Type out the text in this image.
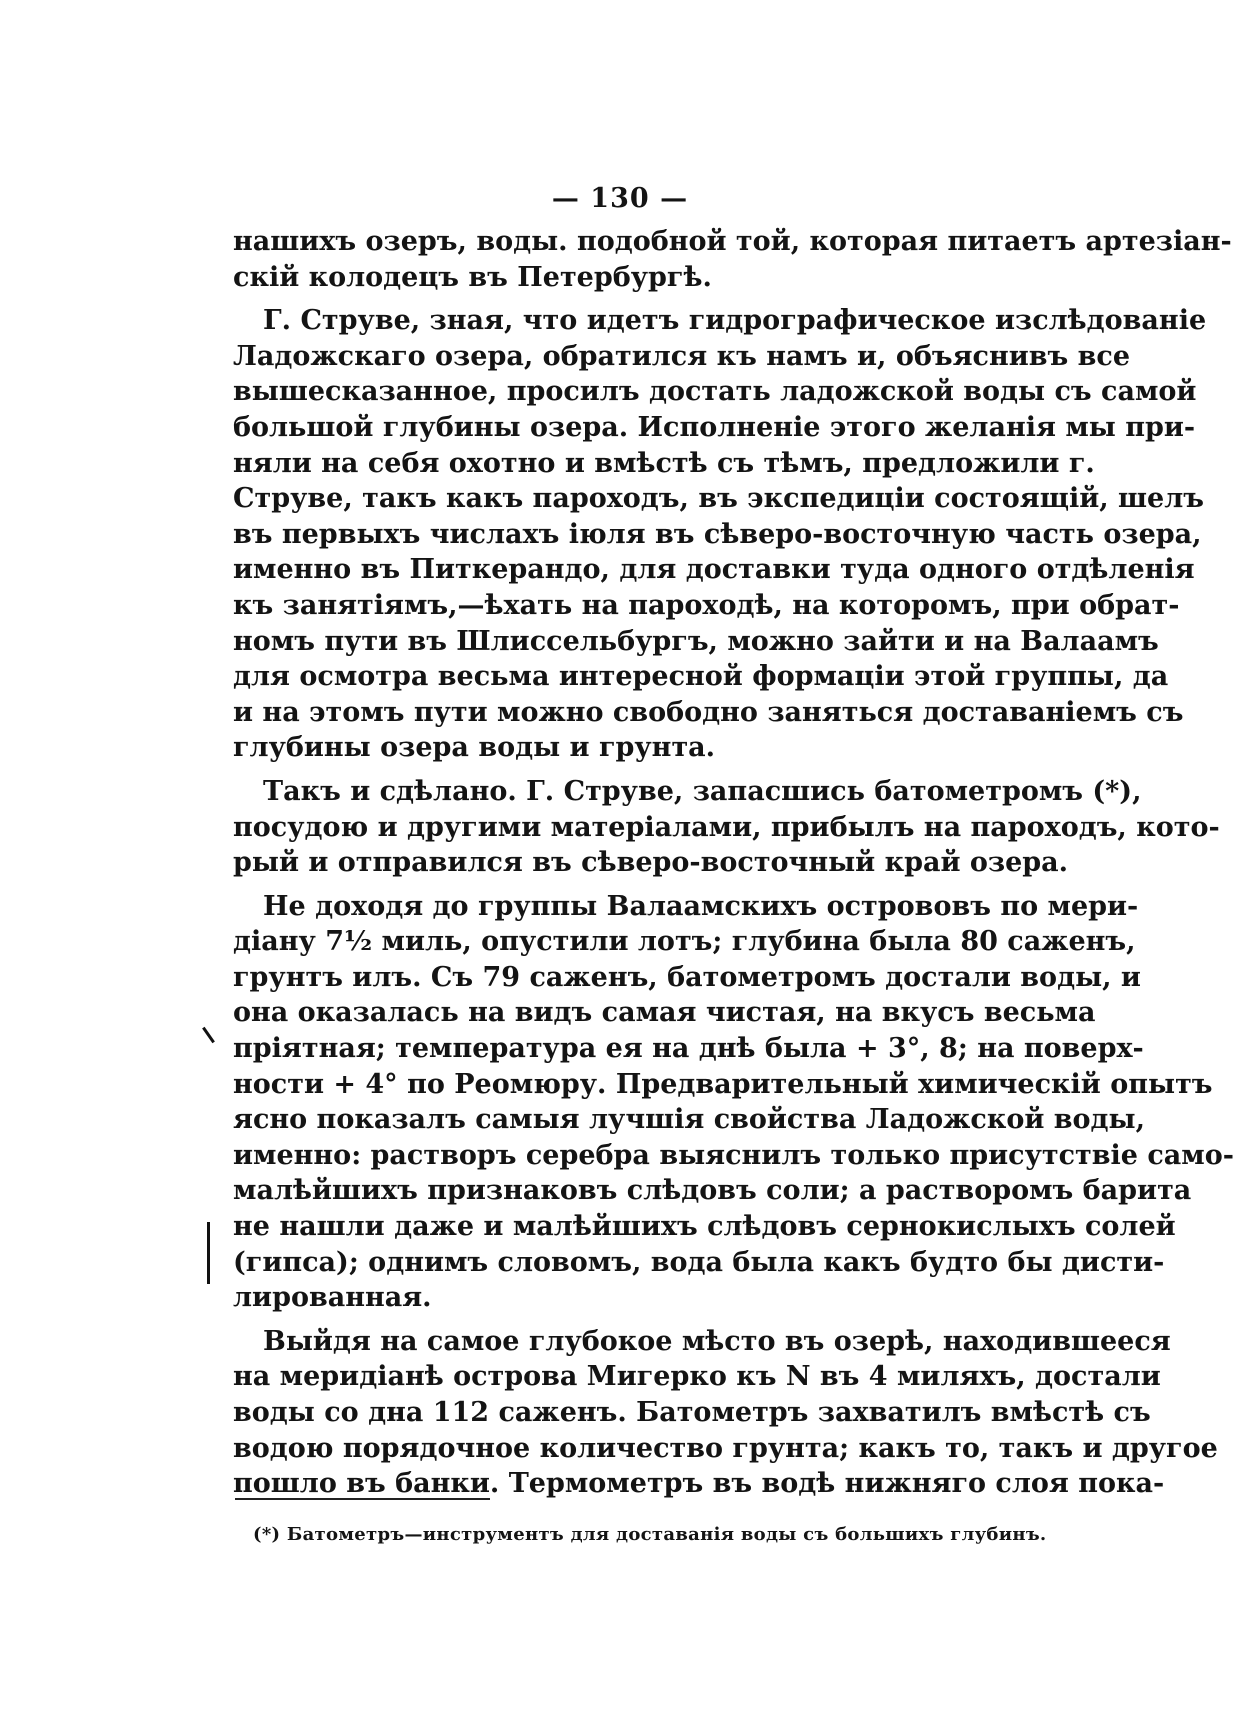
— 130 —
нашихъ озеръ, воды. подобной той, которая питаетъ артезіан-
скій колодецъ въ Петербургѣ.
Г. Струве, зная, что идетъ гидрографическое изслѣдованіе
Ладожскаго озера, обратился къ намъ и, объяснивъ все
вышесказанное, просилъ достать ладожской воды съ самой
большой глубины озера. Исполненіе этого желанія мы при-
няли на себя охотно и вмѣстѣ съ тѣмъ, предложили г.
Струве, такъ какъ пароходъ, въ экспедиціи состоящій, шелъ
въ первыхъ числахъ іюля въ сѣверо-восточную часть озера,
именно въ Питкерандо, для доставки туда одного отдѣленія
къ занятіямъ,—ѣхать на пароходѣ, на которомъ, при обрат-
номъ пути въ Шлиссельбургъ, можно зайти и на Валаамъ
для осмотра весьма интересной формаціи этой группы, да
и на этомъ пути можно свободно заняться доставаніемъ съ
глубины озера воды и грунта.
Такъ и сдѣлано. Г. Струве, запасшись батометромъ (*),
посудою и другими матеріалами, прибылъ на пароходъ, кото-
рый и отправился въ сѣверо-восточный край озера.
Не доходя до группы Валаамскихъ острововъ по мери-
діану 7½ миль, опустили лотъ; глубина была 80 саженъ,
грунтъ илъ. Съ 79 саженъ, батометромъ достали воды, и
она оказалась на видъ самая чистая, на вкусъ весьма
пріятная; температура ея на днѣ была + 3°, 8; на поверх-
ности + 4° по Реомюру. Предварительный химическій опытъ
ясно показалъ самыя лучшія свойства Ладожской воды,
именно: растворъ серебра выяснилъ только присутствіе само-
малѣйшихъ признаковъ слѣдовъ соли; а растворомъ барита
не нашли даже и малѣйшихъ слѣдовъ сернокислыхъ солей
(гипса); однимъ словомъ, вода была какъ будто бы дисти-
лированная.
Выйдя на самое глубокое мѣсто въ озерѣ, находившееся
на меридіанѣ острова Мигерко къ N въ 4 миляхъ, достали
воды со дна 112 саженъ. Батометръ захватилъ вмѣстѣ съ
водою порядочное количество грунта; какъ то, такъ и другое
пошло въ банки. Термометръ въ водѣ нижняго слоя пока-
(*) Батометръ—инструментъ для доставанія воды съ большихъ глубинъ.
